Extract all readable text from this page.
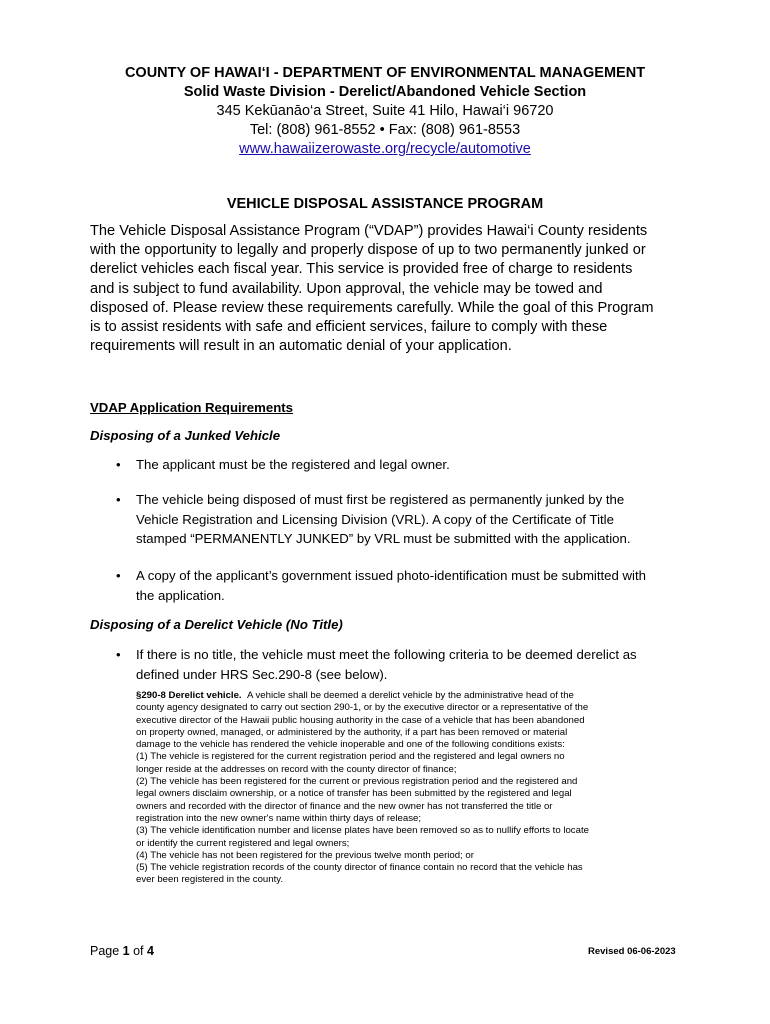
COUNTY OF HAWAI‘I - DEPARTMENT OF ENVIRONMENTAL MANAGEMENT
Solid Waste Division - Derelict/Abandoned Vehicle Section
345 Kekūanāo‘a Street, Suite 41 Hilo, Hawai‘i 96720
Tel: (808) 961-8552 • Fax: (808) 961-8553
www.hawaiizerowaste.org/recycle/automotive
VEHICLE DISPOSAL ASSISTANCE PROGRAM
The Vehicle Disposal Assistance Program (“VDAP”) provides Hawai‘i County residents
with the opportunity to legally and properly dispose of up to two permanently junked or
derelict vehicles each fiscal year. This service is provided free of charge to residents
and is subject to fund availability. Upon approval, the vehicle may be towed and
disposed of. Please review these requirements carefully. While the goal of this Program
is to assist residents with safe and efficient services, failure to comply with these
requirements will result in an automatic denial of your application.
VDAP Application Requirements
Disposing of a Junked Vehicle
• The applicant must be the registered and legal owner.
• The vehicle being disposed of must first be registered as permanently junked by the
Vehicle Registration and Licensing Division (VRL). A copy of the Certificate of Title
stamped “PERMANENTLY JUNKED” by VRL must be submitted with the application.
• A copy of the applicant’s government issued photo-identification must be submitted with
the application.
Disposing of a Derelict Vehicle (No Title)
• If there is no title, the vehicle must meet the following criteria to be deemed derelict as
defined under HRS Sec.290-8 (see below).
§290-8 Derelict vehicle. A vehicle shall be deemed a derelict vehicle by the administrative head of the
county agency designated to carry out section 290-1, or by the executive director or a representative of the
executive director of the Hawaii public housing authority in the case of a vehicle that has been abandoned
on property owned, managed, or administered by the authority, if a part has been removed or material
damage to the vehicle has rendered the vehicle inoperable and one of the following conditions exists:
(1) The vehicle is registered for the current registration period and the registered and legal owners no
longer reside at the addresses on record with the county director of finance;
(2) The vehicle has been registered for the current or previous registration period and the registered and
legal owners disclaim ownership, or a notice of transfer has been submitted by the registered and legal
owners and recorded with the director of finance and the new owner has not transferred the title or
registration into the new owner's name within thirty days of release;
(3) The vehicle identification number and license plates have been removed so as to nullify efforts to locate
or identify the current registered and legal owners;
(4) The vehicle has not been registered for the previous twelve month period; or
(5) The vehicle registration records of the county director of finance contain no record that the vehicle has
ever been registered in the county.
Page 1 of 4	Revised 06-06-2023
